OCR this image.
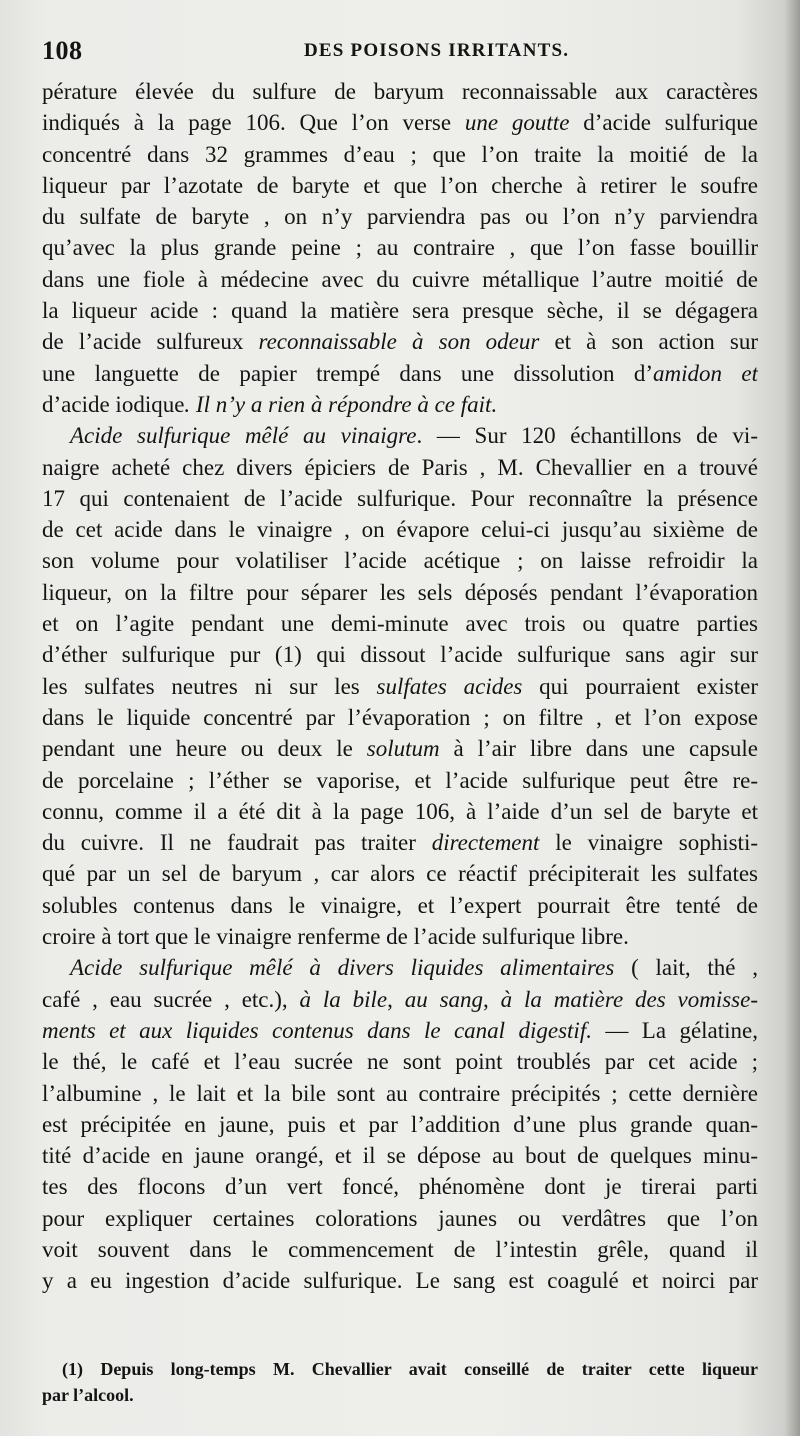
108	DES POISONS IRRITANTS.
pérature élevée du sulfure de baryum reconnaissable aux caractères
indiqués à la page 106. Que l’on verse une goutte d’acide sulfurique
concentré dans 32 grammes d’eau ; que l’on traite la moitié de la
liqueur par l’azotate de baryte et que l’on cherche à retirer le soufre
du sulfate de baryte , on n’y parviendra pas ou l’on n’y parviendra
qu’avec la plus grande peine ; au contraire , que l’on fasse bouillir
dans une fiole à médecine avec du cuivre métallique l’autre moitié de
la liqueur acide : quand la matière sera presque sèche, il se dégagera
de l’acide sulfureux reconnaissable à son odeur et à son action sur
une languette de papier trempé dans une dissolution d’amidon et
d’acide iodique. Il n’y a rien à répondre à ce fait.
Acide sulfurique mêlé au vinaigre. — Sur 120 échantillons de vi-
naigre acheté chez divers épiciers de Paris , M. Chevallier en a trouvé
17 qui contenaient de l’acide sulfurique. Pour reconnaître la présence
de cet acide dans le vinaigre , on évapore celui-ci jusqu’au sixième de
son volume pour volatiliser l’acide acétique ; on laisse refroidir la
liqueur, on la filtre pour séparer les sels déposés pendant l’évaporation
et on l’agite pendant une demi-minute avec trois ou quatre parties
d’éther sulfurique pur (1) qui dissout l’acide sulfurique sans agir sur
les sulfates neutres ni sur les sulfates acides qui pourraient exister
dans le liquide concentré par l’évaporation ; on filtre , et l’on expose
pendant une heure ou deux le solutum à l’air libre dans une capsule
de porcelaine ; l’éther se vaporise, et l’acide sulfurique peut être re-
connu, comme il a été dit à la page 106, à l’aide d’un sel de baryte et
du cuivre. Il ne faudrait pas traiter directement le vinaigre sophisti-
qué par un sel de baryum , car alors ce réactif précipiterait les sulfates
solubles contenus dans le vinaigre, et l’expert pourrait être tenté de
croire à tort que le vinaigre renferme de l’acide sulfurique libre.
Acide sulfurique mêlé à divers liquides alimentaires ( lait, thé ,
café , eau sucrée , etc.), à la bile, au sang, à la matière des vomisse-
ments et aux liquides contenus dans le canal digestif. — La gélatine,
le thé, le café et l’eau sucrée ne sont point troublés par cet acide ;
l’albumine , le lait et la bile sont au contraire précipités ; cette dernière
est précipitée en jaune, puis et par l’addition d’une plus grande quan-
tité d’acide en jaune orangé, et il se dépose au bout de quelques minu-
tes des flocons d’un vert foncé, phénomène dont je tirerai parti
pour expliquer certaines colorations jaunes ou verdâtres que l’on
voit souvent dans le commencement de l’intestin grêle, quand il
y a eu ingestion d’acide sulfurique. Le sang est coagulé et noirci par
(1) Depuis long-temps M. Chevallier avait conseillé de traiter cette liqueur
par l’alcool.
